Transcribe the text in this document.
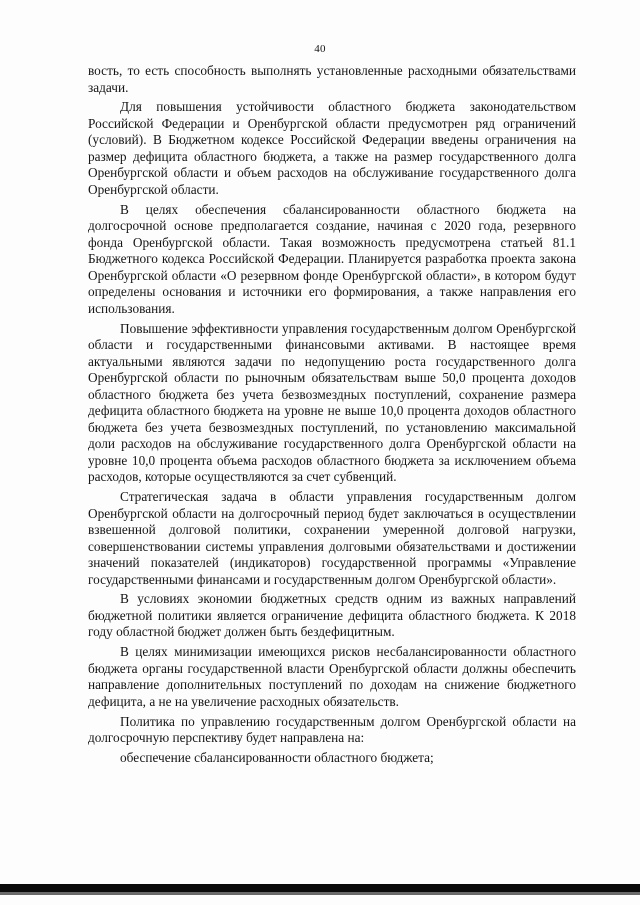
40

вость, то есть способность выполнять установленные расходными обязательствами задачи.

Для повышения устойчивости областного бюджета законодательством Российской Федерации и Оренбургской области предусмотрен ряд ограничений (условий). В Бюджетном кодексе Российской Федерации введены ограничения на размер дефицита областного бюджета, а также на размер государственного долга Оренбургской области и объем расходов на обслуживание государственного долга Оренбургской области.

В целях обеспечения сбалансированности областного бюджета на долгосрочной основе предполагается создание, начиная с 2020 года, резервного фонда Оренбургской области. Такая возможность предусмотрена статьей 81.1 Бюджетного кодекса Российской Федерации. Планируется разработка проекта закона Оренбургской области «О резервном фонде Оренбургской области», в котором будут определены основания и источники его формирования, а также направления его использования.

Повышение эффективности управления государственным долгом Оренбургской области и государственными финансовыми активами. В настоящее время актуальными являются задачи по недопущению роста государственного долга Оренбургской области по рыночным обязательствам выше 50,0 процента доходов областного бюджета без учета безвозмездных поступлений, сохранение размера дефицита областного бюджета на уровне не выше 10,0 процента доходов областного бюджета без учета безвозмездных поступлений, по установлению максимальной доли расходов на обслуживание государственного долга Оренбургской области на уровне 10,0 процента объема расходов областного бюджета за исключением объема расходов, которые осуществляются за счет субвенций.

Стратегическая задача в области управления государственным долгом Оренбургской области на долгосрочный период будет заключаться в осуществлении взвешенной долговой политики, сохранении умеренной долговой нагрузки, совершенствовании системы управления долговыми обязательствами и достижении значений показателей (индикаторов) государственной программы «Управление государственными финансами и государственным долгом Оренбургской области».

В условиях экономии бюджетных средств одним из важных направлений бюджетной политики является ограничение дефицита областного бюджета. К 2018 году областной бюджет должен быть бездефицитным.

В целях минимизации имеющихся рисков несбалансированности областного бюджета органы государственной власти Оренбургской области должны обеспечить направление дополнительных поступлений по доходам на снижение бюджетного дефицита, а не на увеличение расходных обязательств.

Политика по управлению государственным долгом Оренбургской области на долгосрочную перспективу будет направлена на:

обеспечение сбалансированности областного бюджета;
